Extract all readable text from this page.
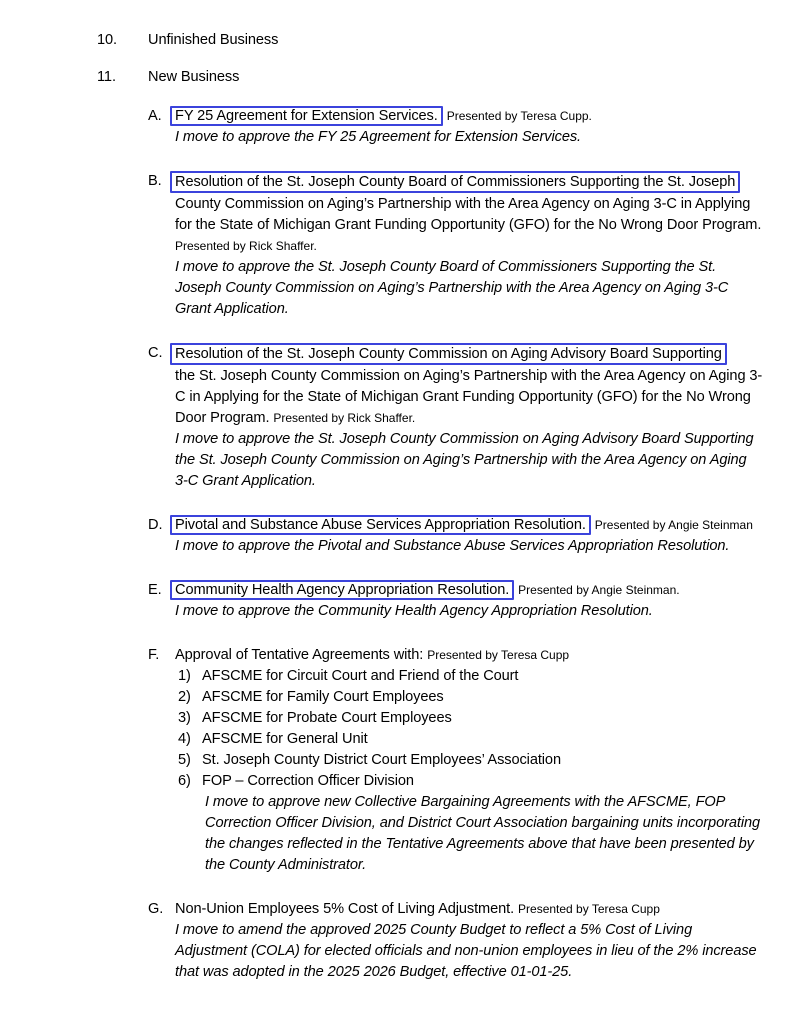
10.	Unfinished Business
11.	New Business
A. FY 25 Agreement for Extension Services. Presented by Teresa Cupp.
I move to approve the FY 25 Agreement for Extension Services.
B. Resolution of the St. Joseph County Board of Commissioners Supporting the St. Joseph
County Commission on Aging’s Partnership with the Area Agency on Aging 3-C in Applying for the State of Michigan Grant Funding Opportunity (GFO) for the No Wrong Door Program. Presented by Rick Shaffer.
I move to approve the St. Joseph County Board of Commissioners Supporting the St. Joseph County Commission on Aging’s Partnership with the Area Agency on Aging 3-C Grant Application.
C. Resolution of the St. Joseph County Commission on Aging Advisory Board Supporting
the St. Joseph County Commission on Aging’s Partnership with the Area Agency on Aging 3-C in Applying for the State of Michigan Grant Funding Opportunity (GFO) for the No Wrong Door Program. Presented by Rick Shaffer.
I move to approve the St. Joseph County Commission on Aging Advisory Board Supporting the St. Joseph County Commission on Aging’s Partnership with the Area Agency on Aging 3-C Grant Application.
D. Pivotal and Substance Abuse Services Appropriation Resolution. Presented by Angie Steinman
I move to approve the Pivotal and Substance Abuse Services Appropriation Resolution.
E. Community Health Agency Appropriation Resolution. Presented by Angie Steinman.
I move to approve the Community Health Agency Appropriation Resolution.
F.	Approval of Tentative Agreements with: Presented by Teresa Cupp
1) AFSCME for Circuit Court and Friend of the Court
2) AFSCME for Family Court Employees
3) AFSCME for Probate Court Employees
4) AFSCME for General Unit
5) St. Joseph County District Court Employees’ Association
6) FOP – Correction Officer Division
I move to approve new Collective Bargaining Agreements with the AFSCME, FOP Correction Officer Division, and District Court Association bargaining units incorporating the changes reflected in the Tentative Agreements above that have been presented by the County Administrator.
G. Non-Union Employees 5% Cost of Living Adjustment. Presented by Teresa Cupp
I move to amend the approved 2025 County Budget to reflect a 5% Cost of Living Adjustment (COLA) for elected officials and non-union employees in lieu of the 2% increase that was adopted in the 2025 2026 Budget, effective 01-01-25.
